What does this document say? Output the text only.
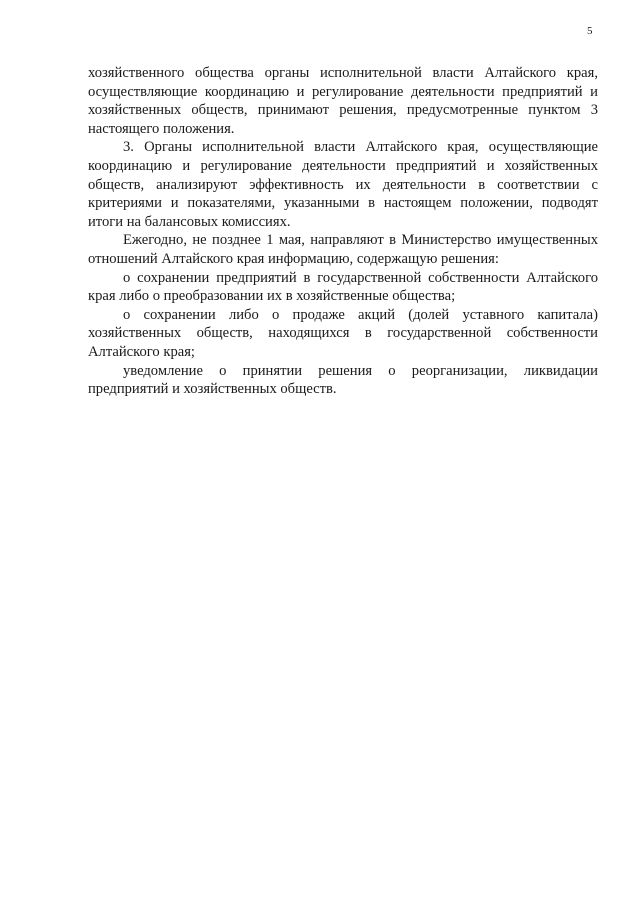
5

хозяйственного общества органы исполнительной власти Алтайского края, осуществляющие координацию и регулирование деятельности предприятий и хозяйственных обществ, принимают решения, предусмотренные пунктом 3 настоящего положения.

3. Органы исполнительной власти Алтайского края, осуществляющие координацию и регулирование деятельности предприятий и хозяйственных обществ, анализируют эффективность их деятельности в соответствии с критериями и показателями, указанными в настоящем положении, подводят итоги на балансовых комиссиях.

Ежегодно, не позднее 1 мая, направляют в Министерство имущественных отношений Алтайского края информацию, содержащую решения:

о сохранении предприятий в государственной собственности Алтайского края либо о преобразовании их в хозяйственные общества;

о сохранении либо о продаже акций (долей уставного капитала) хозяйственных обществ, находящихся в государственной собственности Алтайского края;

уведомление о принятии решения о реорганизации, ликвидации предприятий и хозяйственных обществ.
